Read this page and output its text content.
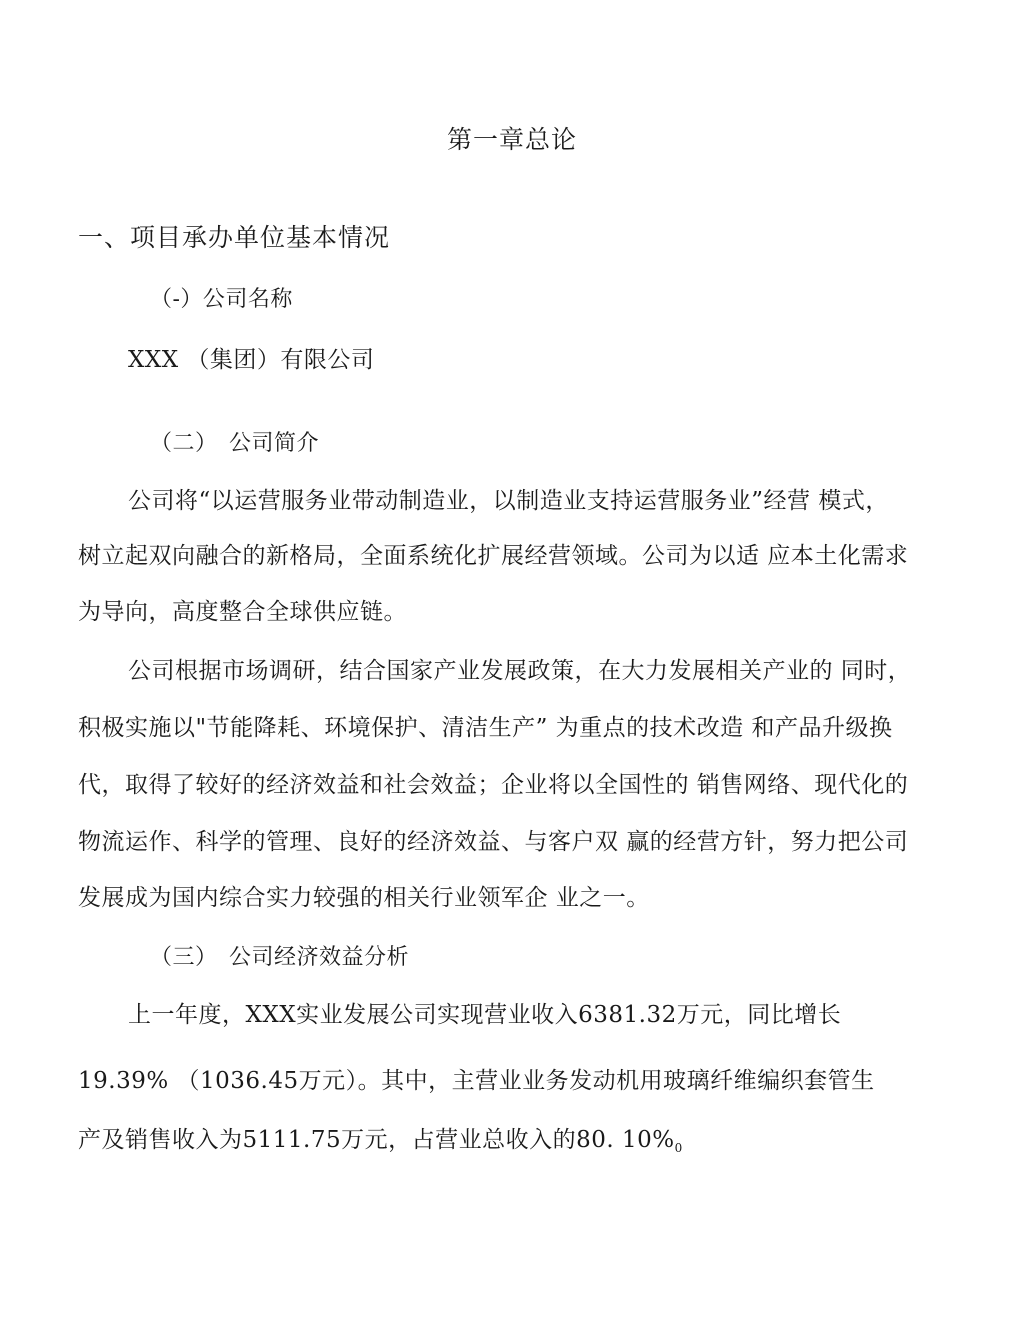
第一章总论
一、项目承办单位基本情况
（-）公司名称
XXX （集团）有限公司
（二）　公司简介
公司将“以运营服务业带动制造业，以制造业支持运营服务业”经营 模式，
树立起双向融合的新格局，全面系统化扩展经营领域。公司为以适 应本土化需求
为导向，高度整合全球供应链。
公司根据市场调研，结合国家产业发展政策，在大力发展相关产业的 同时，
积极实施以"节能降耗、环境保护、清洁生产” 为重点的技术改造 和产品升级换
代，取得了较好的经济效益和社会效益；企业将以全国性的 销售网络、现代化的
物流运作、科学的管理、良好的经济效益、与客户双 赢的经营方针，努力把公司
发展成为国内综合实力较强的相关行业领军企 业之一。
（三）　公司经济效益分析
上一年度，XXX实业发展公司实现营业收入6381.32万元，同比增长
19.39% （1036.45万元）。其中，主营业业务发动机用玻璃纤维编织套管生
产及销售收入为5111.75万元，占营业总收入的80. $10\%_0$
